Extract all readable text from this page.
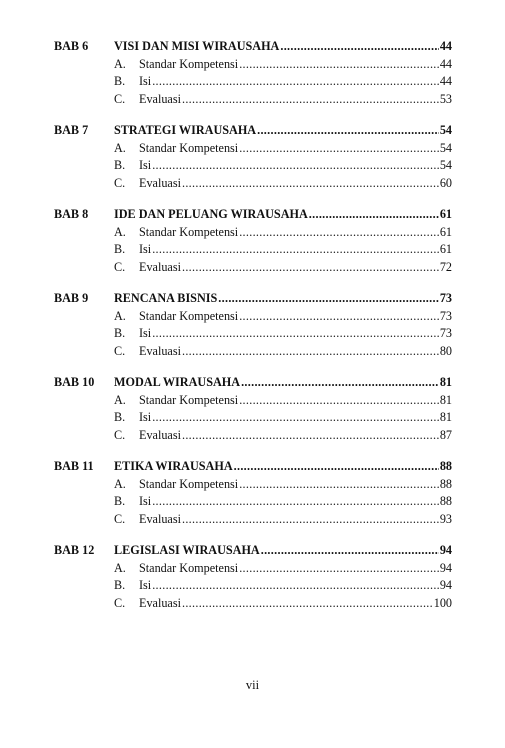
BAB 6	VISI DAN MISI WIRAUSAHA .....	44
A.	Standar Kompetensi .....	44
B.	Isi .....	44
C.	Evaluasi .....	53
BAB 7	STRATEGI WIRAUSAHA .....	54
A.	Standar Kompetensi .....	54
B.	Isi .....	54
C.	Evaluasi .....	60
BAB 8	IDE DAN PELUANG WIRAUSAHA .....	61
A.	Standar Kompetensi .....	61
B.	Isi .....	61
C.	Evaluasi .....	72
BAB 9	RENCANA BISNIS .....	73
A.	Standar Kompetensi .....	73
B.	Isi .....	73
C.	Evaluasi .....	80
BAB 10	MODAL WIRAUSAHA .....	81
A.	Standar Kompetensi .....	81
B.	Isi .....	81
C.	Evaluasi .....	87
BAB 11	ETIKA WIRAUSAHA .....	88
A.	Standar Kompetensi .....	88
B.	Isi .....	88
C.	Evaluasi .....	93
BAB 12	LEGISLASI WIRAUSAHA .....	94
A.	Standar Kompetensi .....	94
B.	Isi .....	94
C.	Evaluasi .....	100
vii
